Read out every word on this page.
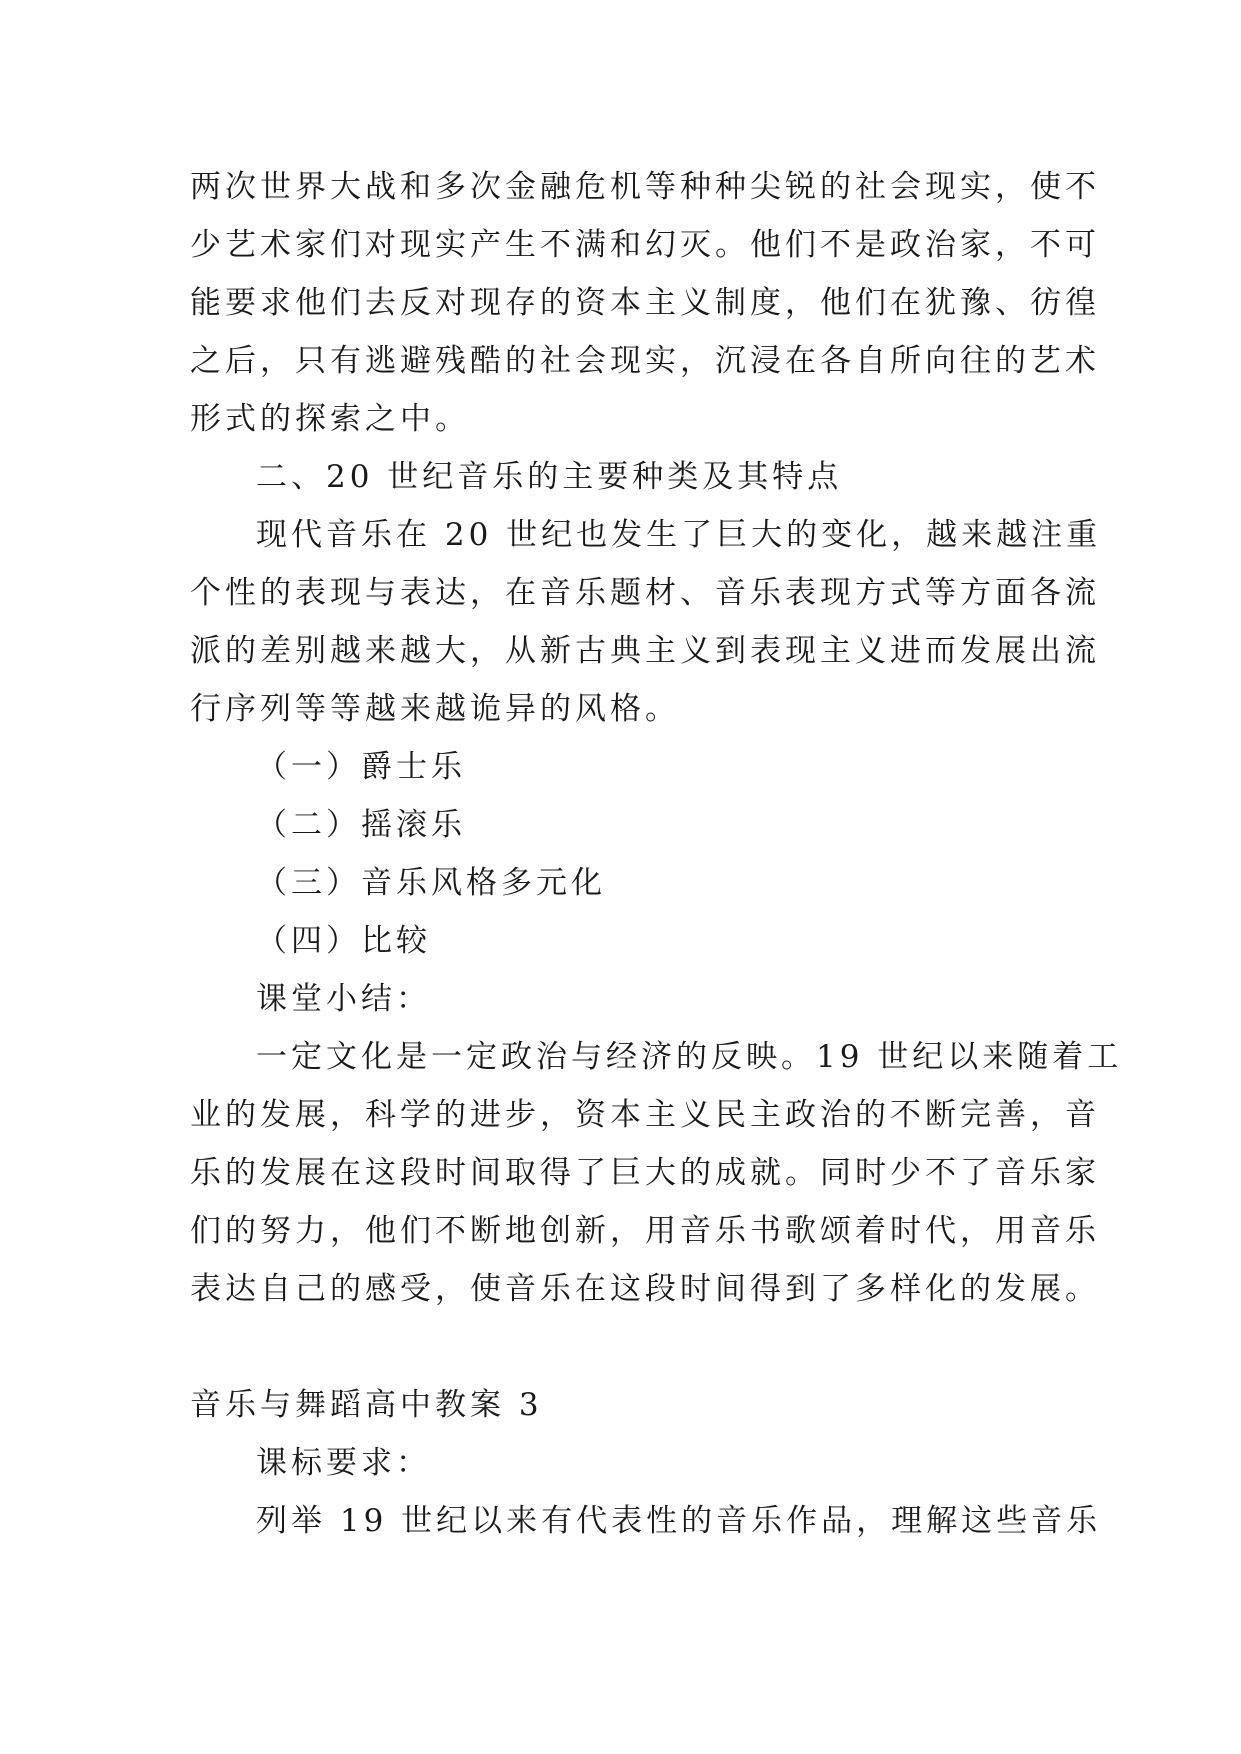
两次世界大战和多次金融危机等种种尖锐的社会现实，使不
少艺术家们对现实产生不满和幻灭。他们不是政治家，不可
能要求他们去反对现存的资本主义制度，他们在犹豫、彷徨
之后，只有逃避残酷的社会现实，沉浸在各自所向往的艺术
形式的探索之中。
二、20 世纪音乐的主要种类及其特点
现代音乐在 20 世纪也发生了巨大的变化，越来越注重
个性的表现与表达，在音乐题材、音乐表现方式等方面各流
派的差别越来越大，从新古典主义到表现主义进而发展出流
行序列等等越来越诡异的风格。
（一）爵士乐
（二）摇滚乐
（三）音乐风格多元化
（四）比较
课堂小结：
一定文化是一定政治与经济的反映。19 世纪以来随着工
业的发展，科学的进步，资本主义民主政治的不断完善，音
乐的发展在这段时间取得了巨大的成就。同时少不了音乐家
们的努力，他们不断地创新，用音乐书歌颂着时代，用音乐
表达自己的感受，使音乐在这段时间得到了多样化的发展。
音乐与舞蹈高中教案 3
课标要求：
列举 19 世纪以来有代表性的音乐作品，理解这些音乐
